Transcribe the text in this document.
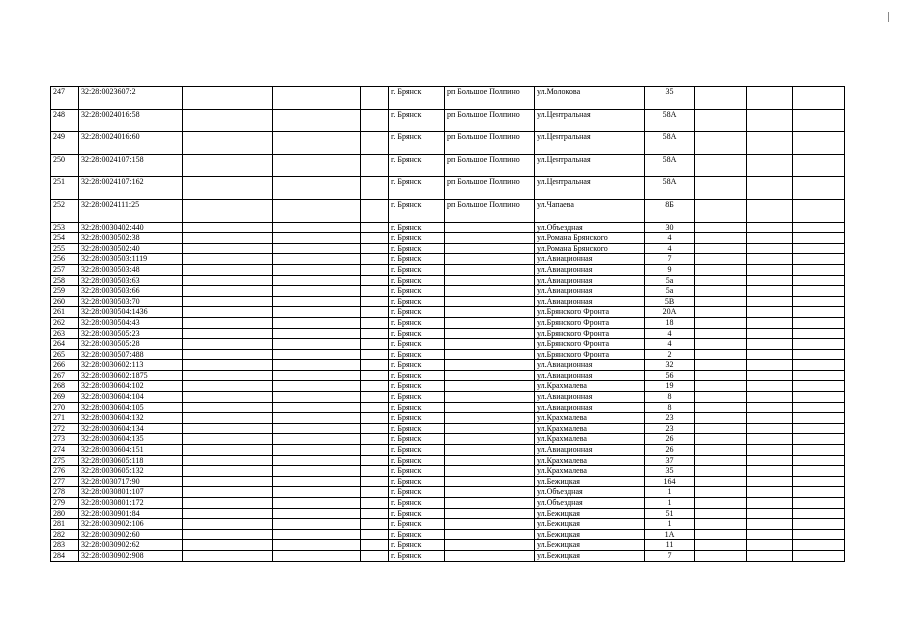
247	32:28:0023607:2				г. Брянск	рп Большое Полпино	ул.Молокова	35			
248	32:28:0024016:58				г. Брянск	рп Большое Полпино	ул.Центральная	58А			
249	32:28:0024016:60				г. Брянск	рп Большое Полпино	ул.Центральная	58А			
250	32:28:0024107:158				г. Брянск	рп Большое Полпино	ул.Центральная	58А			
251	32:28:0024107:162				г. Брянск	рп Большое Полпино	ул.Центральная	58А			
252	32:28:0024111:25				г. Брянск	рп Большое Полпино	ул.Чапаева	8Б			
253	32:28:0030402:440				г. Брянск		ул.Объездная	30			
254	32:28:0030502:38				г. Брянск		ул.Романа Брянского	4			
255	32:28:0030502:40				г. Брянск		ул.Романа Брянского	4			
256	32:28:0030503:1119				г. Брянск		ул.Авиационная	7			
257	32:28:0030503:48				г. Брянск		ул.Авиационная	9			
258	32:28:0030503:63				г. Брянск		ул.Авиационная	5а			
259	32:28:0030503:66				г. Брянск		ул.Авиационная	5а			
260	32:28:0030503:70				г. Брянск		ул.Авиационная	5В			
261	32:28:0030504:1436				г. Брянск		ул.Брянского Фронта	20А			
262	32:28:0030504:43				г. Брянск		ул.Брянского Фронта	18			
263	32:28:0030505:23				г. Брянск		ул.Брянского Фронта	4			
264	32:28:0030505:28				г. Брянск		ул.Брянского Фронта	4			
265	32:28:0030507:488				г. Брянск		ул.Брянского Фронта	2			
266	32:28:0030602:113				г. Брянск		ул.Авиационная	32			
267	32:28:0030602:1875				г. Брянск		ул.Авиационная	56			
268	32:28:0030604:102				г. Брянск		ул.Крахмалева	19			
269	32:28:0030604:104				г. Брянск		ул.Авиационная	8			
270	32:28:0030604:105				г. Брянск		ул.Авиационная	8			
271	32:28:0030604:132				г. Брянск		ул.Крахмалева	23			
272	32:28:0030604:134				г. Брянск		ул.Крахмалева	23			
273	32:28:0030604:135				г. Брянск		ул.Крахмалева	26			
274	32:28:0030604:151				г. Брянск		ул.Авиационная	26			
275	32:28:0030605:118				г. Брянск		ул.Крахмалева	37			
276	32:28:0030605:132				г. Брянск		ул.Крахмалева	35			
277	32:28:0030717:90				г. Брянск		ул.Бежицкая	164			
278	32:28:0030801:107				г. Брянск		ул.Объездная	1			
279	32:28:0030801:172				г. Брянск		ул.Объездная	1			
280	32:28:0030901:84				г. Брянск		ул.Бежицкая	51			
281	32:28:0030902:106				г. Брянск		ул.Бежицкая	1			
282	32:28:0030902:60				г. Брянск		ул.Бежицкая	1А			
283	32:28:0030902:62				г. Брянск		ул.Бежицкая	11			
284	32:28:0030902:908				г. Брянск		ул.Бежицкая	7			
